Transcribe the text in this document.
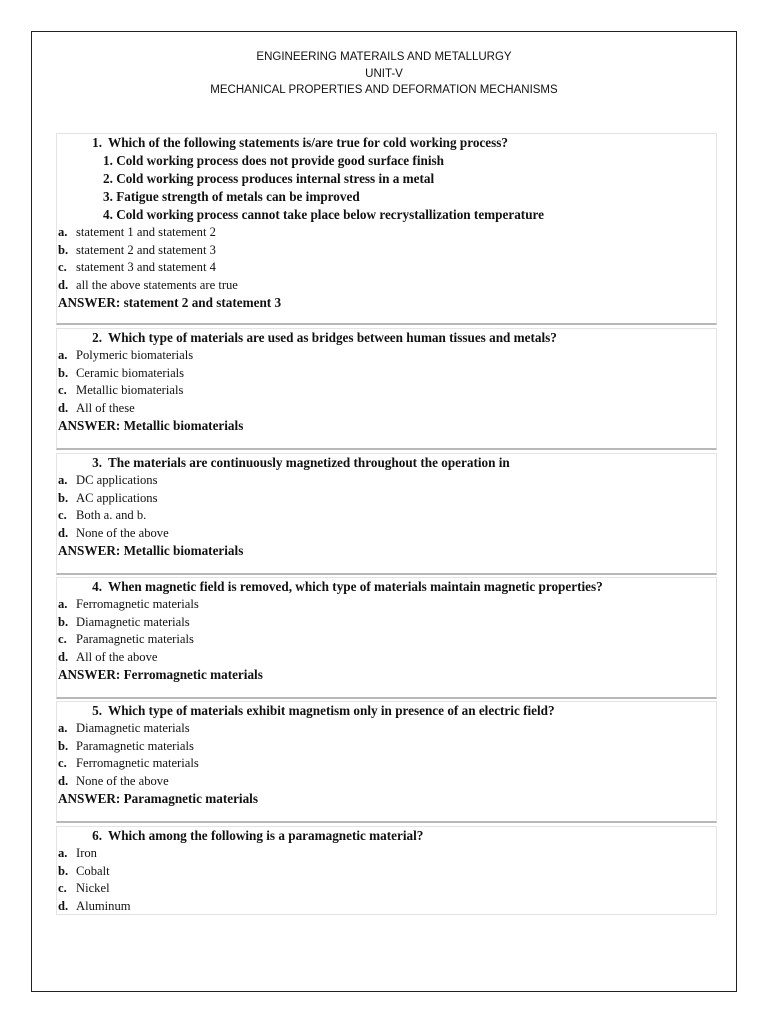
ENGINEERING MATERAILS AND METALLURGY
UNIT-V
MECHANICAL PROPERTIES AND DEFORMATION MECHANISMS
1. Which of the following statements is/are true for cold working process?
1. Cold working process does not provide good surface finish
2. Cold working process produces internal stress in a metal
3. Fatigue strength of metals can be improved
4. Cold working process cannot take place below recrystallization temperature
a. statement 1 and statement 2
b. statement 2 and statement 3
c. statement 3 and statement 4
d. all the above statements are true
ANSWER: statement 2 and statement 3
2. Which type of materials are used as bridges between human tissues and metals?
a. Polymeric biomaterials
b. Ceramic biomaterials
c. Metallic biomaterials
d. All of these
ANSWER: Metallic biomaterials
3. The materials are continuously magnetized throughout the operation in
a. DC applications
b. AC applications
c. Both a. and b.
d. None of the above
ANSWER: Metallic biomaterials
4. When magnetic field is removed, which type of materials maintain magnetic properties?
a. Ferromagnetic materials
b. Diamagnetic materials
c. Paramagnetic materials
d. All of the above
ANSWER: Ferromagnetic materials
5. Which type of materials exhibit magnetism only in presence of an electric field?
a. Diamagnetic materials
b. Paramagnetic materials
c. Ferromagnetic materials
d. None of the above
ANSWER: Paramagnetic materials
6. Which among the following is a paramagnetic material?
a. Iron
b. Cobalt
c. Nickel
d. Aluminum
